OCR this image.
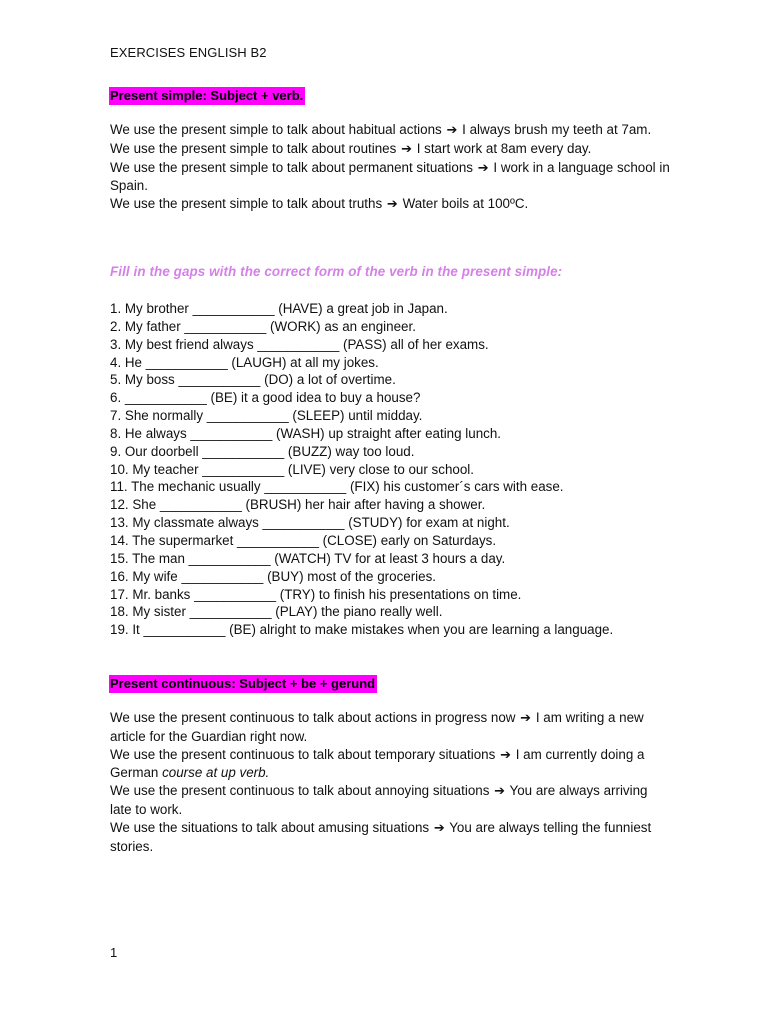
EXERCISES ENGLISH B2
Present simple: Subject + verb.

We use the present simple to talk about habitual actions ➔ I always brush my teeth at 7am.

We use the present simple to talk about routines ➔ I start work at 8am every day.

We use the present simple to talk about permanent situations ➔ I work in a language school in Spain.

We use the present simple to talk about truths ➔ Water boils at 100ºC.

Fill in the gaps with the correct form of the verb in the present simple:
1. My brother ___________ (HAVE) a great job in Japan.
2. My father ___________ (WORK) as an engineer.
3. My best friend always ___________ (PASS) all of her exams.
4. He ___________ (LAUGH) at all my jokes.
5. My boss ___________ (DO) a lot of overtime.
6. ___________ (BE) it a good idea to buy a house?
7. She normally ___________ (SLEEP) until midday.
8. He always ___________ (WASH) up straight after eating lunch.
9. Our doorbell ___________ (BUZZ) way too loud.
10. My teacher ___________ (LIVE) very close to our school.
11. The mechanic usually ___________ (FIX) his customer´s cars with ease.
12. She ___________ (BRUSH) her hair after having a shower.
13. My classmate always ___________ (STUDY) for exam at night.
14. The supermarket ___________ (CLOSE) early on Saturdays.
15. The man ___________ (WATCH) TV for at least 3 hours a day.
16. My wife ___________ (BUY) most of the groceries.
17. Mr. banks ___________ (TRY) to finish his presentations on time.
18. My sister ___________ (PLAY) the piano really well.
19. It ___________ (BE) alright to make mistakes when you are learning a language.
Present continuous: Subject + be + gerund

We use the present continuous to talk about actions in progress now ➔ I am writing a new article for the Guardian right now.

We use the present continuous to talk about temporary situations ➔ I am currently doing a German course at up verb.

We use the present continuous to talk about annoying situations ➔ You are always arriving late to work.

We use the situations to talk about amusing situations ➔ You are always telling the funniest stories.

1
